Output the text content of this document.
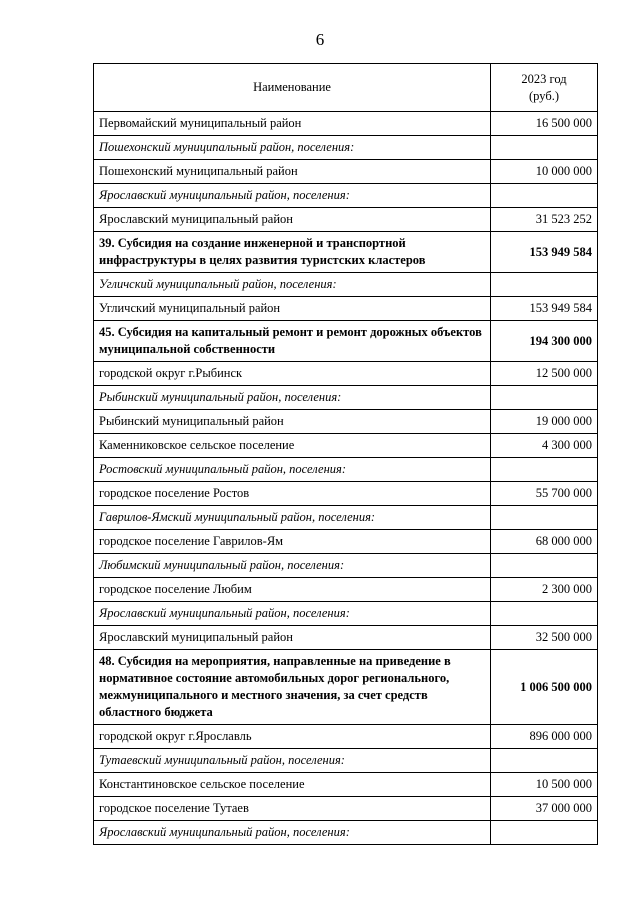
6
Наименование	2023 год
(руб.)

Первомайский муниципальный район	16 500 000
Пошехонский муниципальный район, поселения:	
Пошехонский муниципальный район	10 000 000
Ярославский муниципальный район, поселения:	
Ярославский муниципальный район	31 523 252
39. Субсидия на создание инженерной и транспортной инфраструктуры в целях развития туристских кластеров	153 949 584
Угличский муниципальный район, поселения:	
Угличский муниципальный район	153 949 584
45. Субсидия на капитальный ремонт и ремонт дорожных объектов муниципальной собственности	194 300 000
городской округ г.Рыбинск	12 500 000
Рыбинский муниципальный район, поселения:	
Рыбинский муниципальный район	19 000 000
Каменниковское сельское поселение	4 300 000
Ростовский муниципальный район, поселения:	
городское поселение Ростов	55 700 000
Гаврилов-Ямский муниципальный район, поселения:	
городское поселение Гаврилов-Ям	68 000 000
Любимский муниципальный район, поселения:	
городское поселение Любим	2 300 000
Ярославский муниципальный район, поселения:	
Ярославский муниципальный район	32 500 000
48. Субсидия на мероприятия, направленные на приведение в нормативное состояние автомобильных дорог регионального, межмуниципального и местного значения, за счет средств областного бюджета	1 006 500 000
городской округ г.Ярославль	896 000 000
Тутаевский муниципальный район, поселения:	
Константиновское сельское поселение	10 500 000
городское поселение Тутаев	37 000 000
Ярославский муниципальный район, поселения:	
